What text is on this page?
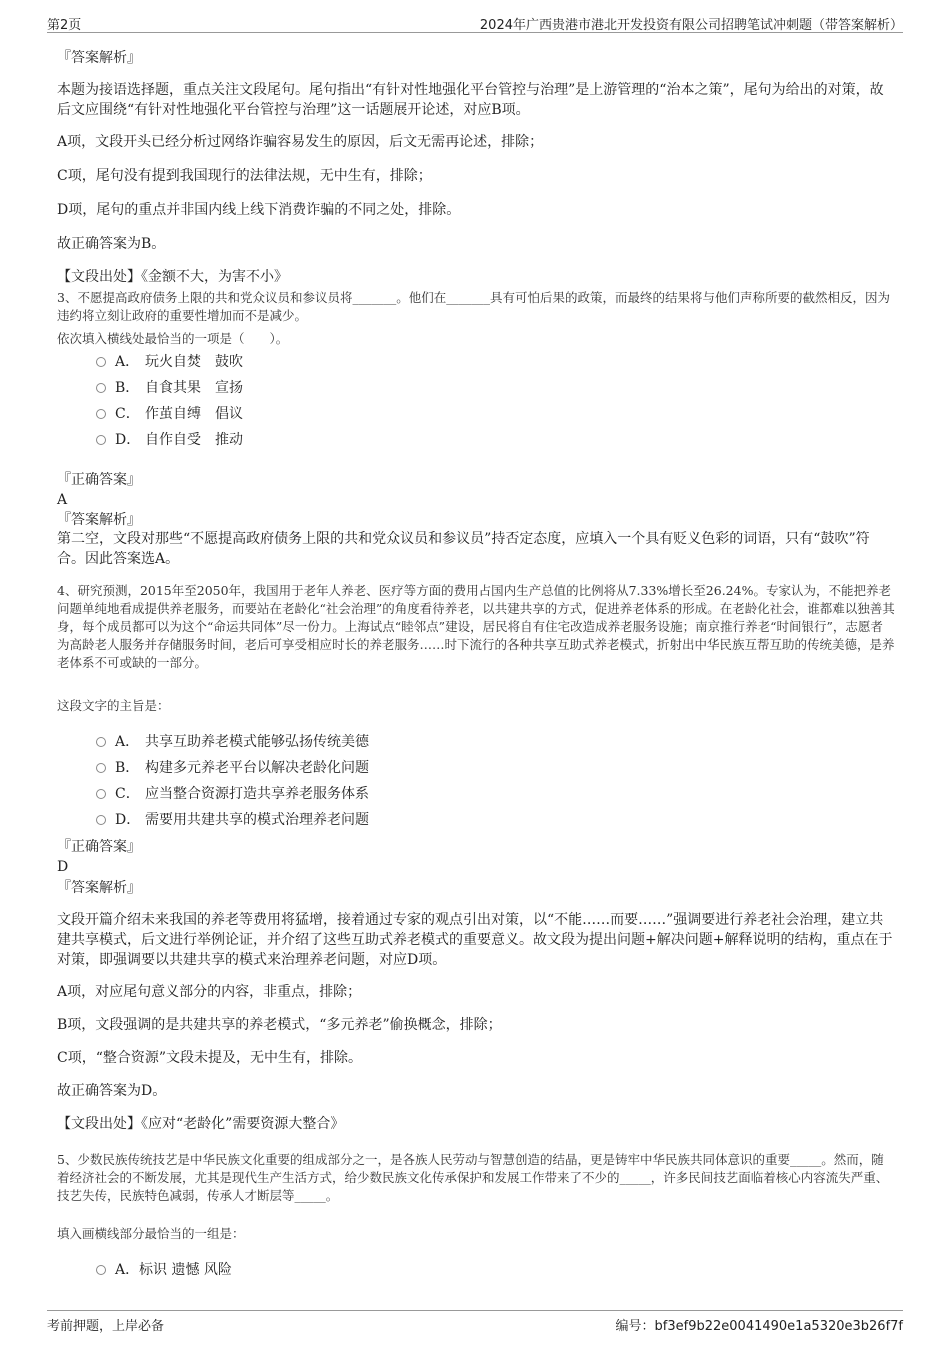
第2页	2024年广西贵港市港北开发投资有限公司招聘笔试冲刺题（带答案解析）
『答案解析』
本题为接语选择题，重点关注文段尾句。尾句指出“有针对性地强化平台管控与治理”是上游管理的“治本之策”，尾句为给出的对策，故后文应围绕“有针对性地强化平台管控与治理”这一话题展开论述，对应B项。
A项，文段开头已经分析过网络诈骗容易发生的原因，后文无需再论述，排除；
C项，尾句没有提到我国现行的法律法规，无中生有，排除；
D项，尾句的重点并非国内线上线下消费诈骗的不同之处，排除。
故正确答案为B。
【文段出处】《金额不大，为害不小》
3、不愿提高政府债务上限的共和党众议员和参议员将_______。他们在_______具有可怕后果的政策，而最终的结果将与他们声称所要的截然相反，因为违约将立刻让政府的重要性增加而不是减少。
依次填入横线处最恰当的一项是（　　）。
A． 玩火自焚　鼓吹
B． 自食其果　宣扬
C． 作茧自缚　倡议
D． 自作自受　推动
『正确答案』
A
『答案解析』
第二空，文段对那些“不愿提高政府债务上限的共和党众议员和参议员”持否定态度，应填入一个具有贬义色彩的词语，只有“鼓吹”符合。因此答案选A。
4、研究预测，2015年至2050年，我国用于老年人养老、医疗等方面的费用占国内生产总值的比例将从7.33%增长至26.24%。专家认为，不能把养老问题单纯地看成提供养老服务，而要站在老龄化“社会治理”的角度看待养老，以共建共享的方式，促进养老体系的形成。在老龄化社会，谁都难以独善其身，每个成员都可以为这个“命运共同体”尽一份力。上海试点“睦邻点”建设，居民将自有住宅改造成养老服务设施；南京推行养老“时间银行”，志愿者为高龄老人服务并存储服务时间，老后可享受相应时长的养老服务……时下流行的各种共享互助式养老模式，折射出中华民族互帮互助的传统美德，是养老体系不可或缺的一部分。
这段文字的主旨是：
A． 共享互助养老模式能够弘扬传统美德
B． 构建多元养老平台以解决老龄化问题
C． 应当整合资源打造共享养老服务体系
D． 需要用共建共享的模式治理养老问题
『正确答案』
D
『答案解析』
文段开篇介绍未来我国的养老等费用将猛增，接着通过专家的观点引出对策，以“不能……而要……”强调要进行养老社会治理，建立共建共享模式，后文进行举例论证，并介绍了这些互助式养老模式的重要意义。故文段为提出问题+解决问题+解释说明的结构，重点在于对策，即强调要以共建共享的模式来治理养老问题，对应D项。
A项，对应尾句意义部分的内容，非重点，排除；
B项，文段强调的是共建共享的养老模式，“多元养老”偷换概念，排除；
C项，“整合资源”文段未提及，无中生有，排除。
故正确答案为D。
【文段出处】《应对“老龄化”需要资源大整合》
5、少数民族传统技艺是中华民族文化重要的组成部分之一，是各族人民劳动与智慧创造的结晶，更是铸牢中华民族共同体意识的重要_____。然而，随着经济社会的不断发展，尤其是现代生产生活方式，给少数民族文化传承保护和发展工作带来了不少的_____，许多民间技艺面临着核心内容流失严重、技艺失传，民族特色减弱，传承人才断层等_____。
填入画横线部分最恰当的一组是：
A．标识 遗憾 风险
考前押题，上岸必备	编号：bf3ef9b22e0041490e1a5320e3b26f7f
